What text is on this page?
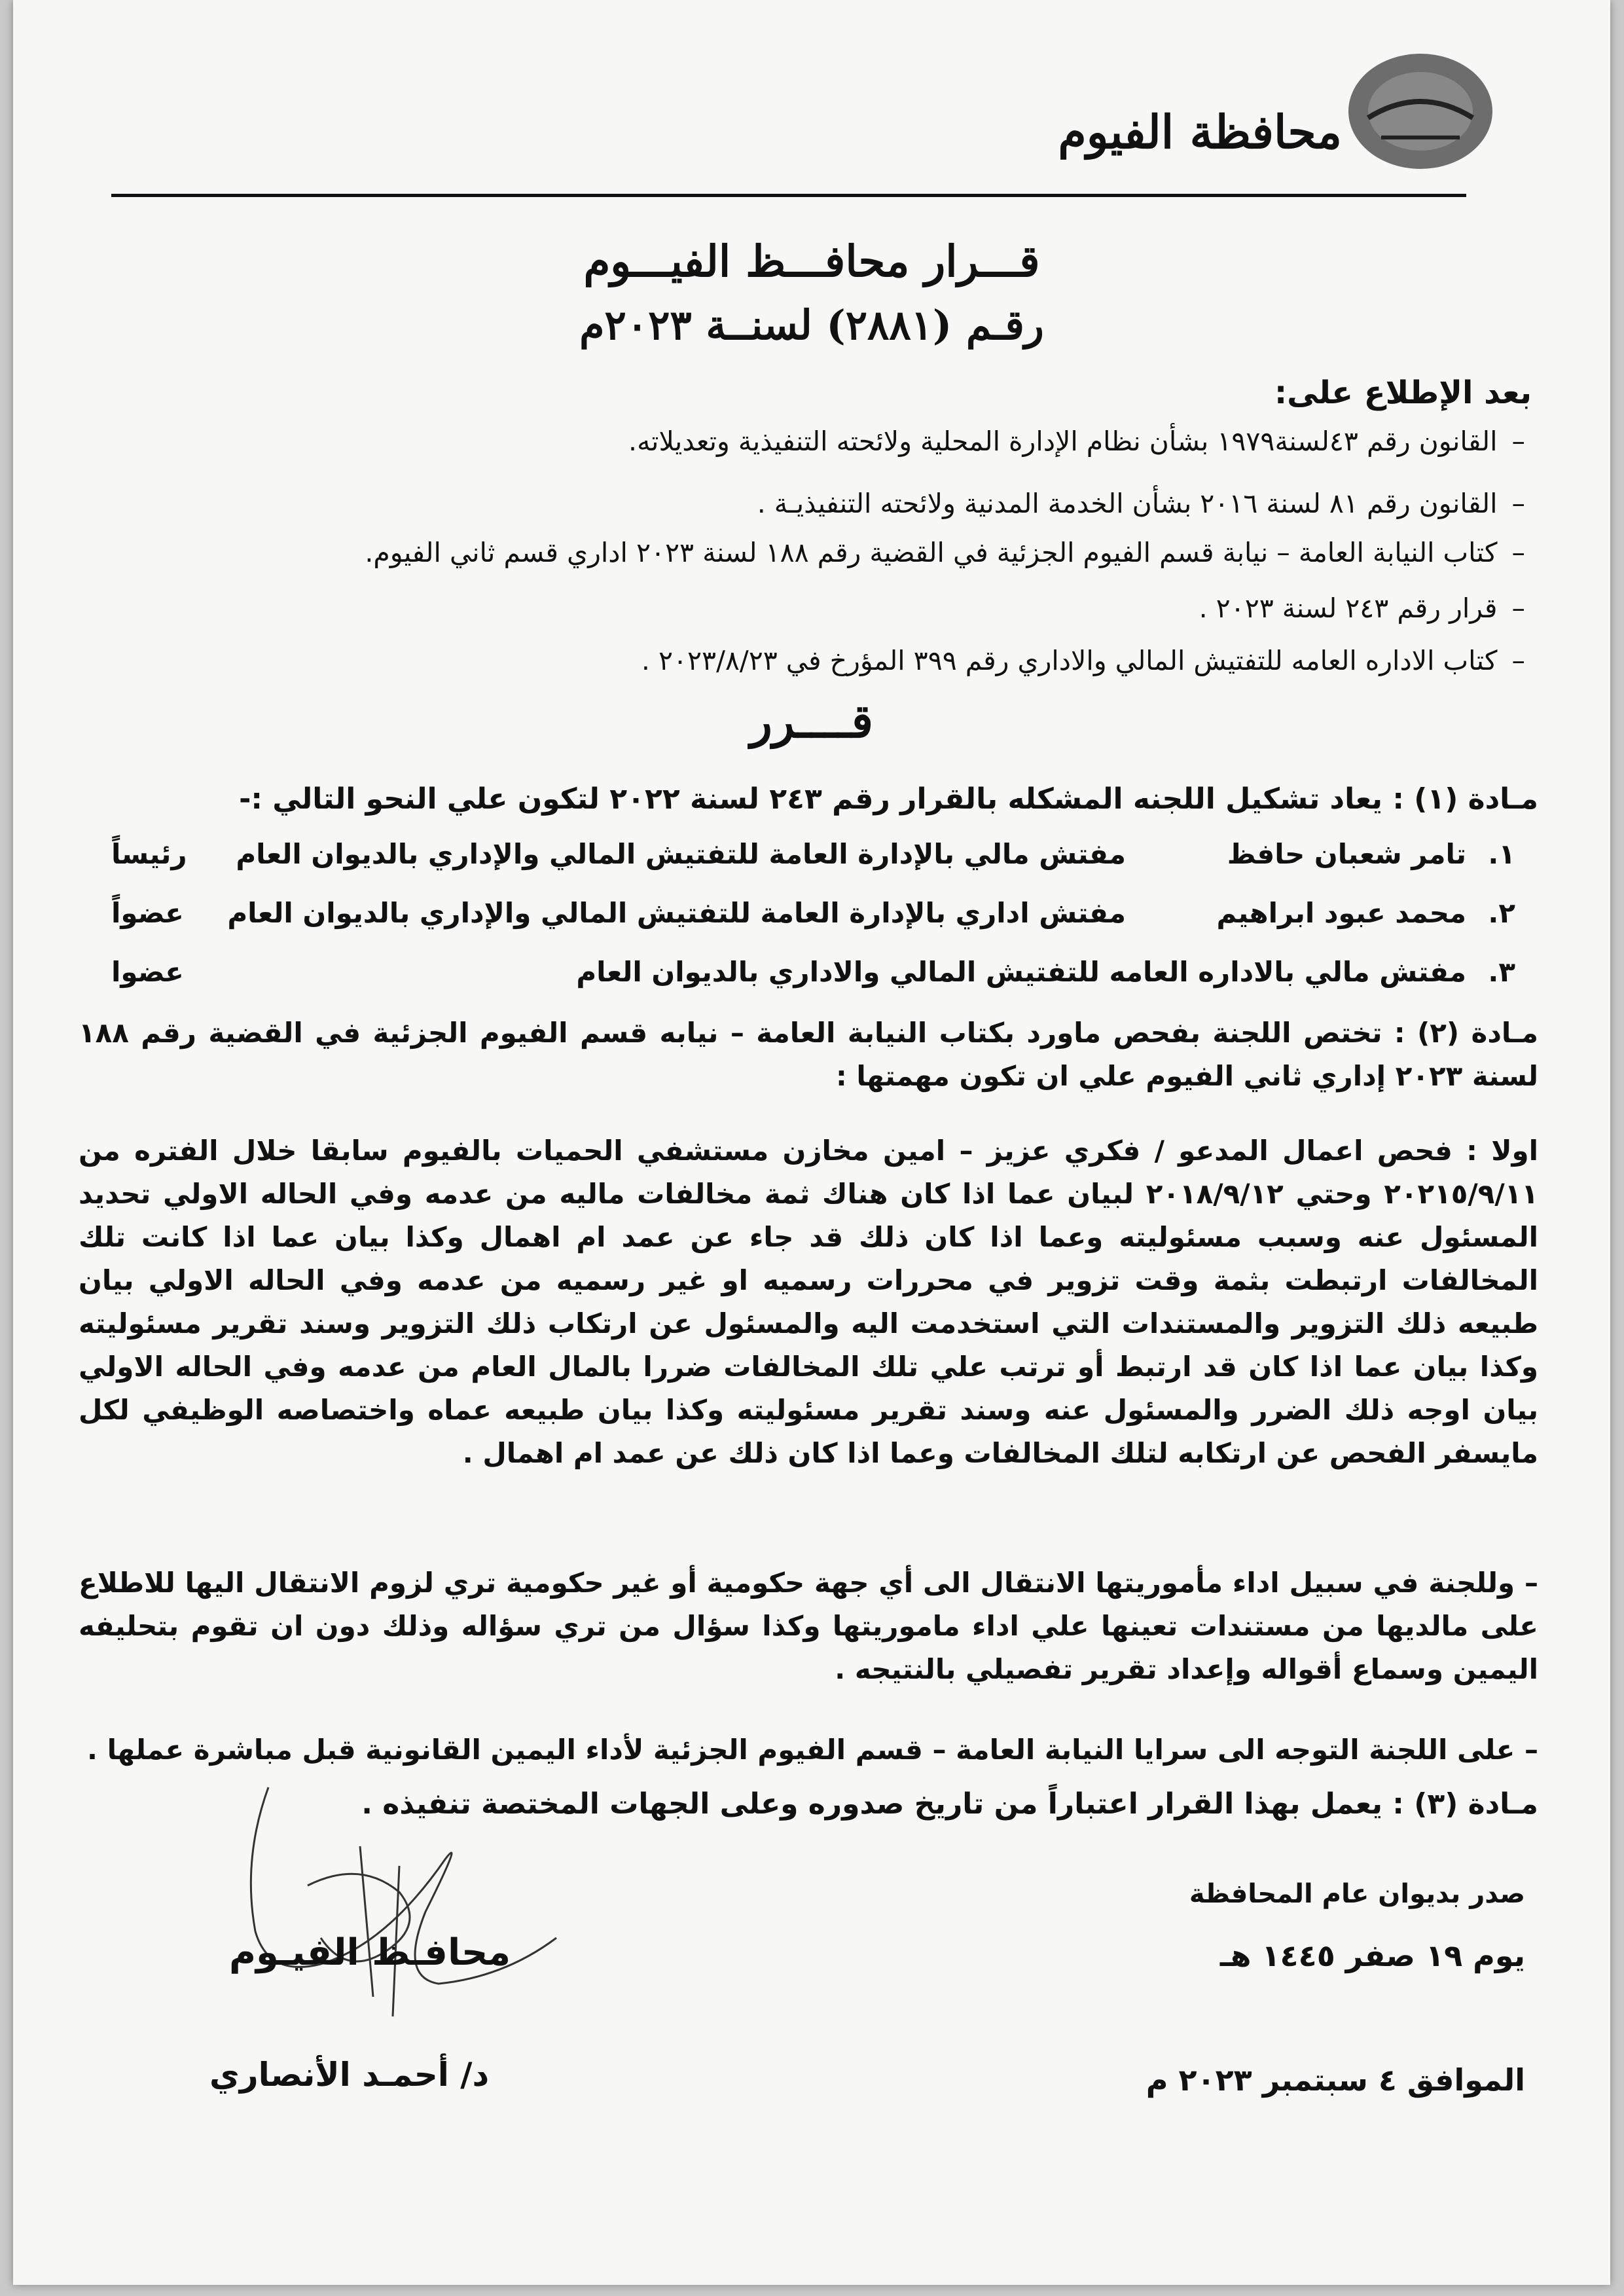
محافظة الفيوم
قـــرار محافـــظ الفيـــوم
رقـم (٢٨٨١) لسنــة ٢٠٢٣م
بعد الإطلاع على:
– القانون رقم ٤٣لسنة١٩٧٩ بشأن نظام الإدارة المحلية ولائحته التنفيذية وتعديلاته.
– القانون رقم ٨١ لسنة ٢٠١٦ بشأن الخدمة المدنية ولائحته التنفيذيـة .
– كتاب النيابة العامة – نيابة قسم الفيوم الجزئية في القضية رقم ١٨٨ لسنة ٢٠٢٣ اداري قسم ثاني الفيوم.
– قرار رقم ٢٤٣ لسنة ٢٠٢٣ .
– كتاب الاداره العامه للتفتيش المالي والاداري رقم ٣٩٩ المؤرخ في ٢٠٢٣/٨/٢٣ .
قــــرر
مـادة (١) : يعاد تشكيل اللجنه المشكله بالقرار رقم ٢٤٣ لسنة ٢٠٢٢ لتكون علي النحو التالي :-
١.
تامر شعبان حافظ
مفتش مالي بالإدارة العامة للتفتيش المالي والإداري بالديوان العام
رئيساً
٢.
محمد عبود ابراهيم
مفتش اداري بالإدارة العامة للتفتيش المالي والإداري بالديوان العام
عضواً
٣.
مفتش مالي بالاداره العامه للتفتيش المالي والاداري بالديوان العام
عضوا
مـادة (٢) : تختص اللجنة بفحص ماورد بكتاب النيابة العامة – نيابه قسم الفيوم الجزئية في القضية رقم ١٨٨ لسنة ٢٠٢٣ إداري ثاني الفيوم علي ان تكون مهمتها :
اولا : فحص اعمال المدعو / فكري عزيز – امين مخازن مستشفي الحميات بالفيوم سابقا خلال الفتره من ٢٠٢١٥/٩/١١ وحتي ٢٠١٨/٩/١٢ لبيان عما اذا كان هناك ثمة مخالفات ماليه من عدمه وفي الحاله الاولي تحديد المسئول عنه وسبب مسئوليته وعما اذا كان ذلك قد جاء عن عمد ام اهمال وكذا بيان عما اذا كانت تلك المخالفات ارتبطت بثمة وقت تزوير في محررات رسميه او غير رسميه من عدمه وفي الحاله الاولي بيان طبيعه ذلك التزوير والمستندات التي استخدمت اليه والمسئول عن ارتكاب ذلك التزوير وسند تقرير مسئوليته وكذا بيان عما اذا كان قد ارتبط أو ترتب علي تلك المخالفات ضررا بالمال العام من عدمه وفي الحاله الاولي بيان اوجه ذلك الضرر والمسئول عنه وسند تقرير مسئوليته وكذا بيان طبيعه عماه واختصاصه الوظيفي لكل مايسفر الفحص عن ارتكابه لتلك المخالفات وعما اذا كان ذلك عن عمد ام اهمال .
– وللجنة في سبيل اداء مأموريتها الانتقال الى أي جهة حكومية أو غير حكومية تري لزوم الانتقال اليها للاطلاع على مالديها من مستندات تعينها علي اداء ماموريتها وكذا سؤال من تري سؤاله وذلك دون ان تقوم بتحليفه اليمين وسماع أقواله وإعداد تقرير تفصيلي بالنتيجه .
– على اللجنة التوجه الى سرايا النيابة العامة – قسم الفيوم الجزئية لأداء اليمين القانونية قبل مباشرة عملها .
مـادة (٣) : يعمل بهذا القرار اعتباراً من تاريخ صدوره وعلى الجهات المختصة تنفيذه .
صدر بديوان عام المحافظة
يوم ١٩ صفر ١٤٤٥ هـ
الموافق ٤ سبتمبر ٢٠٢٣ م
محافـظ الفيـوم
د/ أحمـد الأنصاري
